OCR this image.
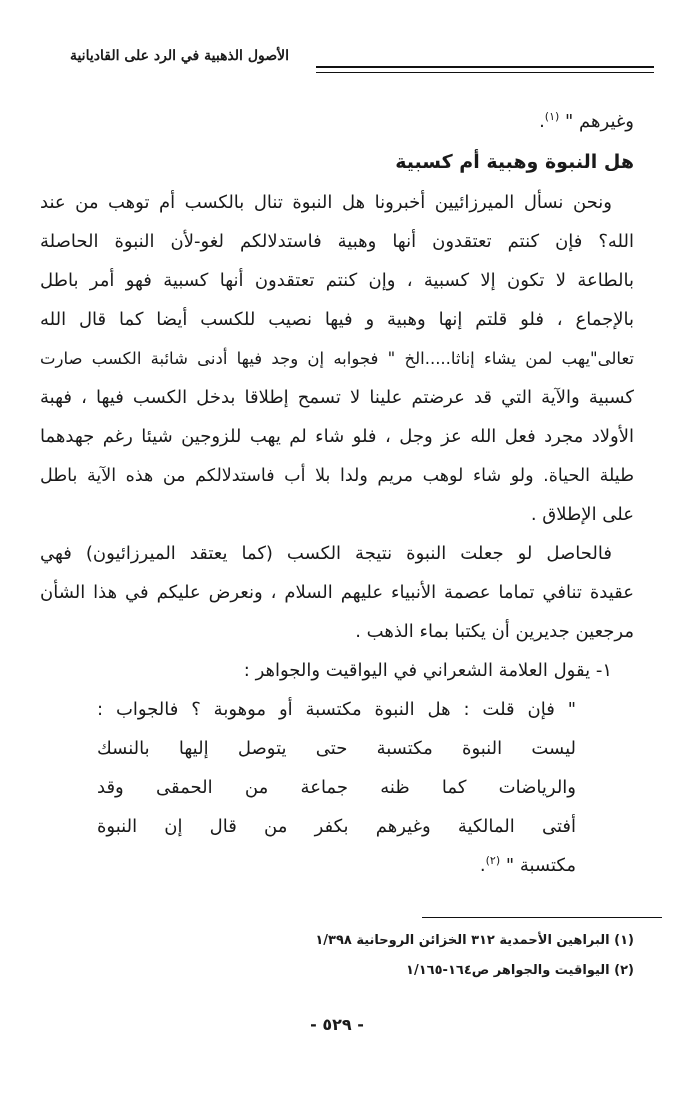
الأصول الذهبية في الرد على القاديانية

وغيرهم " $^{(١)}$.

هل النبوة وهبية أم كسبية

ونحن نسأل الميرزائيين أخبرونا هل النبوة تنال بالكسب أم توهب من عند

الله؟ فإن كنتم تعتقدون أنها وهبية فاستدلالكم لغو-لأن النبوة الحاصلة

بالطاعة لا تكون إلا كسبية ، وإن كنتم تعتقدون أنها كسبية فهو أمر باطل

بالإجماع ، فلو قلتم إنها وهبية و فيها نصيب للكسب أيضا كما قال الله

تعالى"يهب لمن يشاء إناثا.....الخ " فجوابه إن وجد فيها أدنى شائبة الكسب صارت

كسبية والآية التي قد عرضتم علينا لا تسمح إطلاقا بدخل الكسب فيها ، فهبة

الأولاد مجرد فعل الله عز وجل ، فلو شاء لم يهب للزوجين شيئا رغم جهدهما

طيلة الحياة. ولو شاء لوهب مريم ولدا بلا أب فاستدلالكم من هذه الآية باطل

على الإطلاق .

فالحاصل لو جعلت النبوة نتيجة الكسب (كما يعتقد الميرزائيون) فهي

عقيدة تنافي تماما عصمة الأنبياء عليهم السلام ، ونعرض عليكم في هذا الشأن

مرجعين جديرين أن يكتبا بماء الذهب .

١- يقول العلامة الشعراني في اليواقيت والجواهر :

" فإن قلت : هل النبوة مكتسبة أو موهوبة ؟ فالجواب :

ليست النبوة مكتسبة حتى يتوصل إليها بالنسك

والرياضات كما ظنه جماعة من الحمقى وقد

أفتى المالكية وغيرهم بكفر من قال إن النبوة

مكتسبة " $^{(٢)}$.

(١) البراهين الأحمدية ٣١٢ الخزائن الروحانية ١/٣٩٨

(٢) اليواقيت والجواهر ص١٦٤-١/١٦٥

- ٥٢٩ -
